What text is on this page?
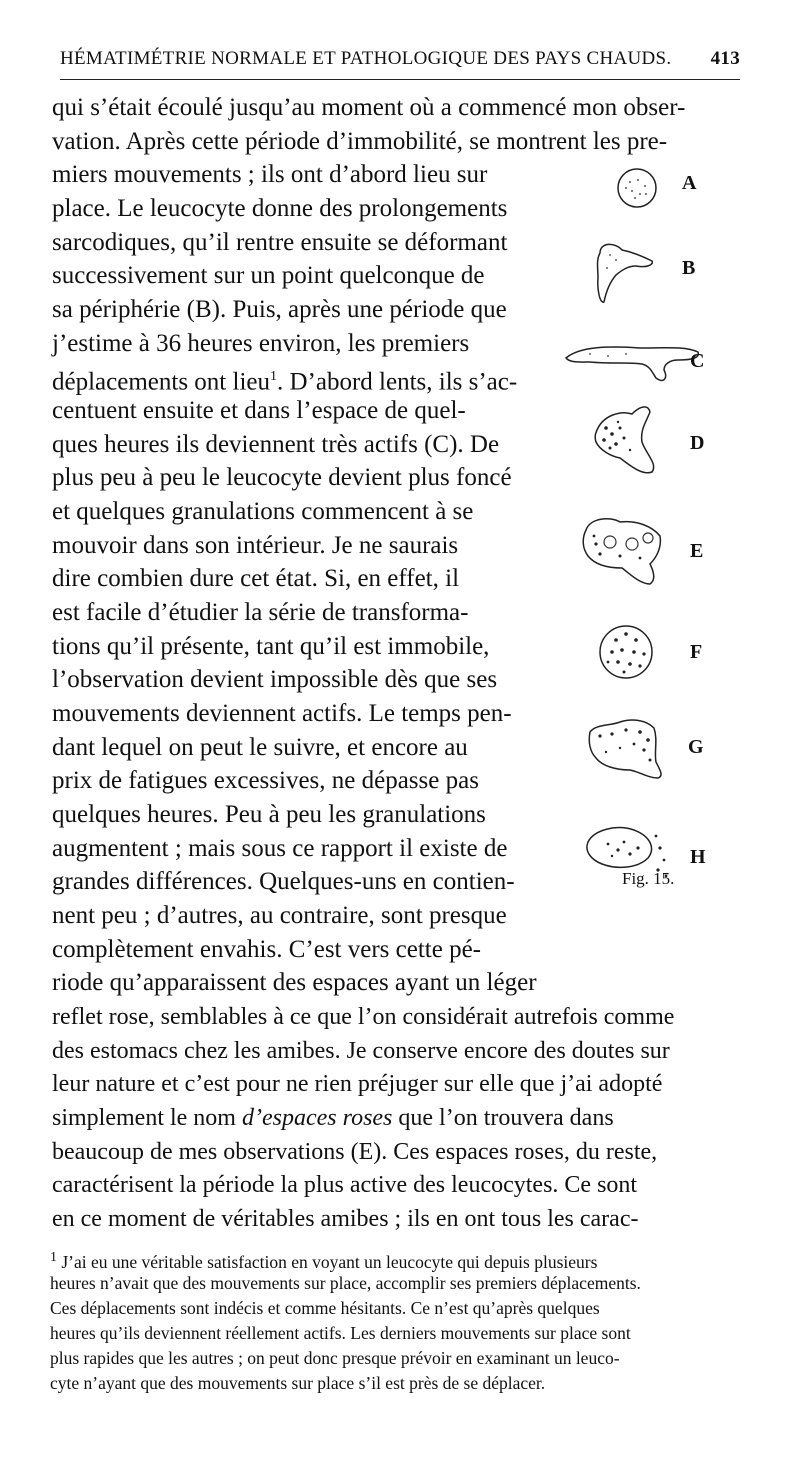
HÉMATIMÉTRIE NORMALE ET PATHOLOGIQUE DES PAYS CHAUDS. 413
qui s’était écoulé jusqu’au moment où a commencé mon obser-
vation. Après cette période d’immobilité, se montrent les pre-
miers mouvements ; ils ont d’abord lieu sur
place. Le leucocyte donne des prolongements
sarcodiques, qu’il rentre ensuite se déformant
successivement sur un point quelconque de
sa périphérie (B). Puis, après une période que
j’estime à 36 heures environ, les premiers
déplacements ont lieu$^1$. D’abord lents, ils s’ac-
centuent ensuite et dans l’espace de quel-
ques heures ils deviennent très actifs (C). De
plus peu à peu le leucocyte devient plus foncé
et quelques granulations commencent à se
mouvoir dans son intérieur. Je ne saurais
dire combien dure cet état. Si, en effet, il
est facile d’étudier la série de transforma-
tions qu’il présente, tant qu’il est immobile,
l’observation devient impossible dès que ses
mouvements deviennent actifs. Le temps pen-
dant lequel on peut le suivre, et encore au
prix de fatigues excessives, ne dépasse pas
quelques heures. Peu à peu les granulations
augmentent ; mais sous ce rapport il existe de
grandes différences. Quelques-uns en contien-
nent peu ; d’autres, au contraire, sont presque
complètement envahis. C’est vers cette pé-
riode qu’apparaissent des espaces ayant un léger
reflet rose, semblables à ce que l’on considérait autrefois comme
des estomacs chez les amibes. Je conserve encore des doutes sur
leur nature et c’est pour ne rien préjuger sur elle que j’ai adopté
simplement le nom d’espaces roses que l’on trouvera dans
beaucoup de mes observations (E). Ces espaces roses, du reste,
caractérisent la période la plus active des leucocytes. Ce sont
en ce moment de véritables amibes ; ils en ont tous les carac-
$^1$ J’ai eu une véritable satisfaction en voyant un leucocyte qui depuis plusieurs
heures n’avait que des mouvements sur place, accomplir ses premiers déplacements.
Ces déplacements sont indécis et comme hésitants. Ce n’est qu’après quelques
heures qu’ils deviennent réellement actifs. Les derniers mouvements sur place sont
plus rapides que les autres ; on peut donc presque prévoir en examinant un leuco-
cyte n’ayant que des mouvements sur place s’il est près de se déplacer.
A
B
C
D
E
F
G
H
Fig. 15.
